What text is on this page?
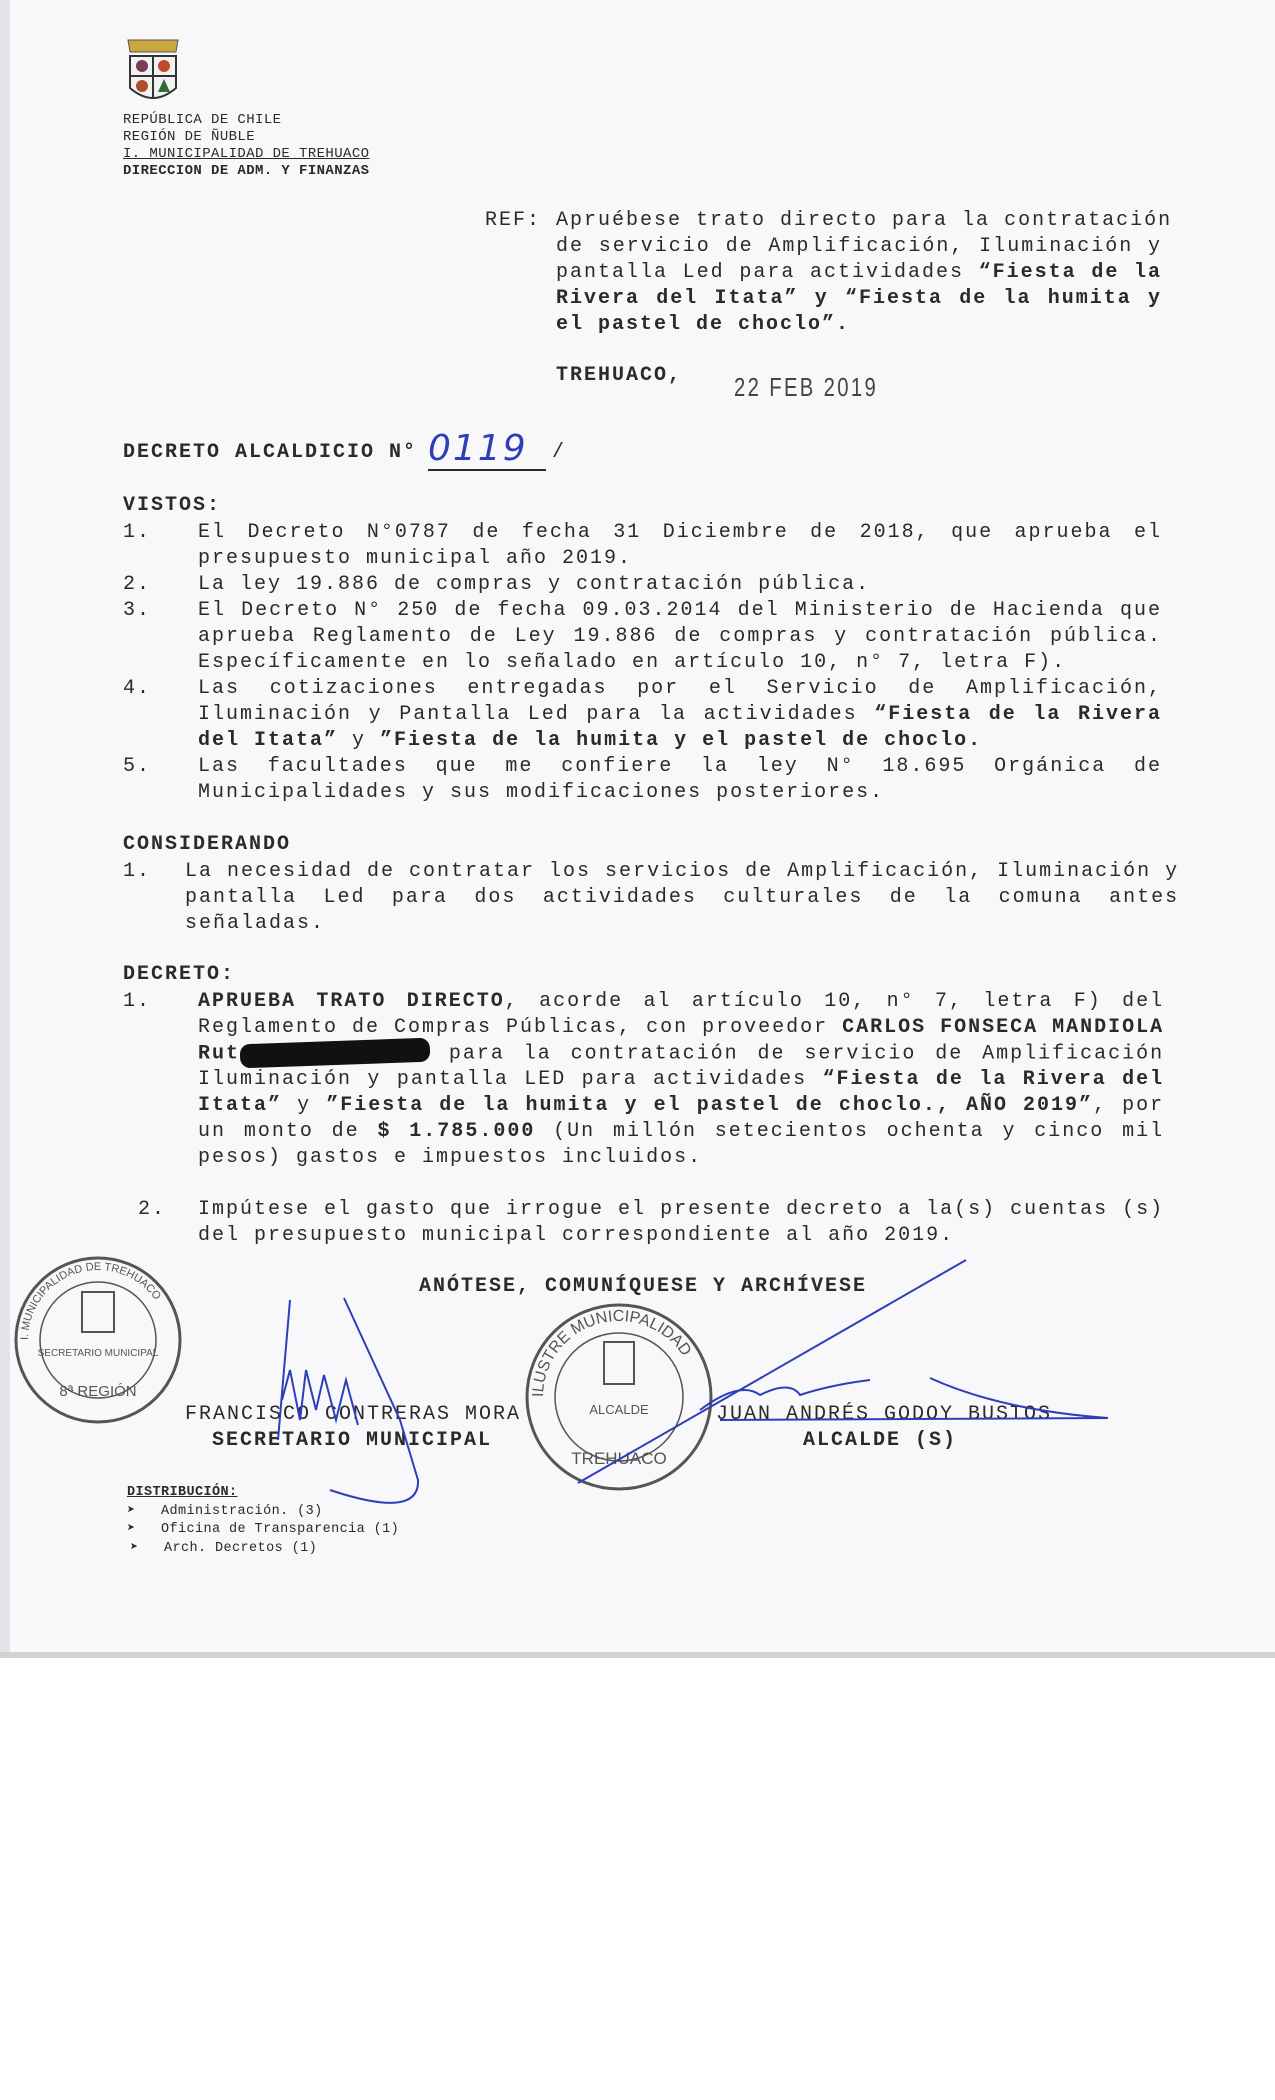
REPÚBLICA DE CHILE
REGIÓN DE ÑUBLE
I. MUNICIPALIDAD DE TREHUACO
DIRECCION DE ADM. Y FINANZAS
REF: Apruébese trato directo para la contratación
de servicio de Amplificación, Iluminación y
pantalla Led para actividades “Fiesta de la
Rivera del Itata” y “Fiesta de la humita y
el pastel de choclo”.
TREHUACO, 22 FEB 2019
DECRETO ALCALDICIO N° 0119	/
VISTOS:
1.	El Decreto N°0787 de fecha 31 Diciembre de 2018, que aprueba el
presupuesto municipal año 2019.
2.	La ley 19.886 de compras y contratación pública.
3.	El Decreto N° 250 de fecha 09.03.2014 del Ministerio de Hacienda que
aprueba Reglamento de Ley 19.886 de compras y contratación pública.
Específicamente en lo señalado en artículo 10, n° 7, letra F).
4.	Las cotizaciones entregadas por el Servicio de Amplificación,
Iluminación y Pantalla Led para la actividades “Fiesta de la Rivera
del Itata” y ”Fiesta de la humita y el pastel de choclo.
5.	Las facultades que me confiere la ley N° 18.695 Orgánica de
Municipalidades y sus modificaciones posteriores.
CONSIDERANDO
1.	La necesidad de contratar los servicios de Amplificación, Iluminación y
pantalla Led para dos actividades culturales de la comuna antes
señaladas.
DECRETO:
1.	APRUEBA TRATO DIRECTO, acorde al artículo 10, n° 7, letra F) del
Reglamento de Compras Públicas, con proveedor CARLOS FONSECA MANDIOLA
Rut	para la contratación de servicio de Amplificación
Iluminación y pantalla LED para actividades “Fiesta de la Rivera del
Itata” y ”Fiesta de la humita y el pastel de choclo., AÑO 2019”, por
un monto de $ 1.785.000 (Un millón setecientos ochenta y cinco mil
pesos) gastos e impuestos incluidos.
2.	Impútese el gasto que irrogue el presente decreto a la(s) cuentas (s)
del presupuesto municipal correspondiente al año 2019.
I. MUNICIPALIDAD DE TREHUACO
SECRETARIO MUNICIPAL
8ª REGIÓN	ILUSTRE MUNICIPALIDAD
ALCALDE
TREHUACO
ANÓTESE, COMUNÍQUESE Y ARCHÍVESE
FRANCISCO CONTRERAS MORA
SECRETARIO MUNICIPAL
JUAN ANDRÉS GODOY BUSTOS
ALCALDE (S)
DISTRIBUCIÓN:
➤ Administración. (3)
➤ Oficina de Transparencia (1)
➤ Arch. Decretos (1)
